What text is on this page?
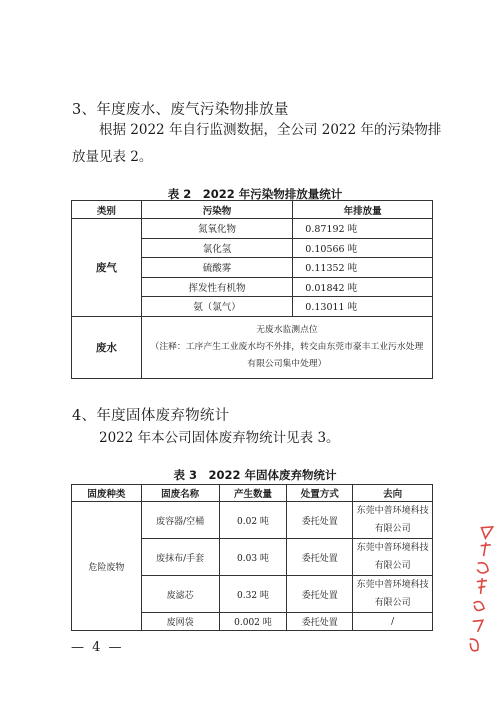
3、年度废水、废气污染物排放量
根据 2022 年自行监测数据，全公司 2022 年的污染物排放量见表 2。
表 2　2022 年污染物排放量统计
类别	污染物	年排放量
废气	氮氧化物	0.87192 吨
	氯化氢	0.10566 吨
	硫酸雾	0.11352 吨
	挥发性有机物	0.01842 吨
	氨（氯气）	0.13011 吨
废水	无废水监测点位
（注释：工序产生工业废水均不外排，转交由东莞市豪丰工业污水处理有限公司集中处理）	
4、年度固体废弃物统计
2022 年本公司固体废弃物统计见表 3。
表 3　2022 年固体废弃物统计
固废种类	固废名称	产生数量	处置方式	去向
危险废物	废容器/空桶	0.02 吨	委托处置	东莞中普环境科技有限公司
	废抹布/手套	0.03 吨	委托处置	东莞中普环境科技有限公司
	废滤芯	0.32 吨	委托处置	东莞中普环境科技有限公司
	废网袋	0.002 吨	委托处置	/
— 4 —
